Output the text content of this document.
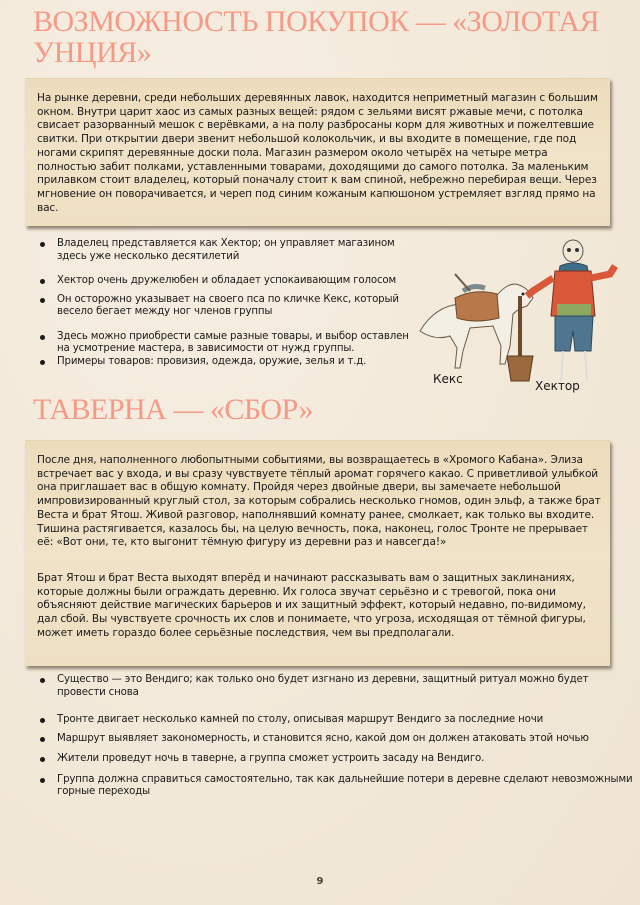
ВОЗМОЖНОСТЬ ПОКУПОК — «ЗОЛОТАЯ УНЦИЯ»

На рынке деревни, среди небольших деревянных лавок, находится неприметный магазин с большим окном. Внутри царит хаос из самых разных вещей: рядом с зельями висят ржавые мечи, с потолка свисает разорванный мешок с верёвками, а на полу разбросаны корм для животных и пожелтевшие свитки. При открытии двери звенит небольшой колокольчик, и вы входите в помещение, где под ногами скрипят деревянные доски пола. Магазин размером около четырёх на четыре метра полностью забит полками, уставленными товарами, доходящими до самого потолка. За маленьким прилавком стоит владелец, который поначалу стоит к вам спиной, небрежно перебирая вещи. Через мгновение он поворачивается, и череп под синим кожаным капюшоном устремляет взгляд прямо на вас.

Владелец представляется как Хектор; он управляет магазином здесь уже несколько десятилетий
Хектор очень дружелюбен и обладает успокаивающим голосом
Он осторожно указывает на своего пса по кличке Кекс, который весело бегает между ног членов группы
Здесь можно приобрести самые разные товары, и выбор оставлен на усмотрение мастера, в зависимости от нужд группы.
Примеры товаров: провизия, одежда, оружие, зелья и т.д.
Кекс	Хектор
ТАВЕРНА — «СБОР»

После дня, наполненного любопытными событиями, вы возвращаетесь в «Хромого Кабана». Элиза встречает вас у входа, и вы сразу чувствуете тёплый аромат горячего какао. С приветливой улыбкой она приглашает вас в общую комнату. Пройдя через двойные двери, вы замечаете небольшой импровизированный круглый стол, за которым собрались несколько гномов, один эльф, а также брат Веста и брат Ятош. Живой разговор, наполнявший комнату ранее, смолкает, как только вы входите. Тишина растягивается, казалось бы, на целую вечность, пока, наконец, голос Тронте не прерывает её: «Вот они, те, кто выгонит тёмную фигуру из деревни раз и навсегда!»

Брат Ятош и брат Веста выходят вперёд и начинают рассказывать вам о защитных заклинаниях, которые должны были ограждать деревню. Их голоса звучат серьёзно и с тревогой, пока они объясняют действие магических барьеров и их защитный эффект, который недавно, по-видимому, дал сбой. Вы чувствуете срочность их слов и понимаете, что угроза, исходящая от тёмной фигуры, может иметь гораздо более серьёзные последствия, чем вы предполагали.

Существо — это Вендиго; как только оно будет изгнано из деревни, защитный ритуал можно будет провести снова
Тронте двигает несколько камней по столу, описывая маршрут Вендиго за последние ночи
Маршрут выявляет закономерность, и становится ясно, какой дом он должен атаковать этой ночью
Жители проведут ночь в таверне, а группа сможет устроить засаду на Вендиго.
Группа должна справиться самостоятельно, так как дальнейшие потери в деревне сделают невозможными горные переходы
9
